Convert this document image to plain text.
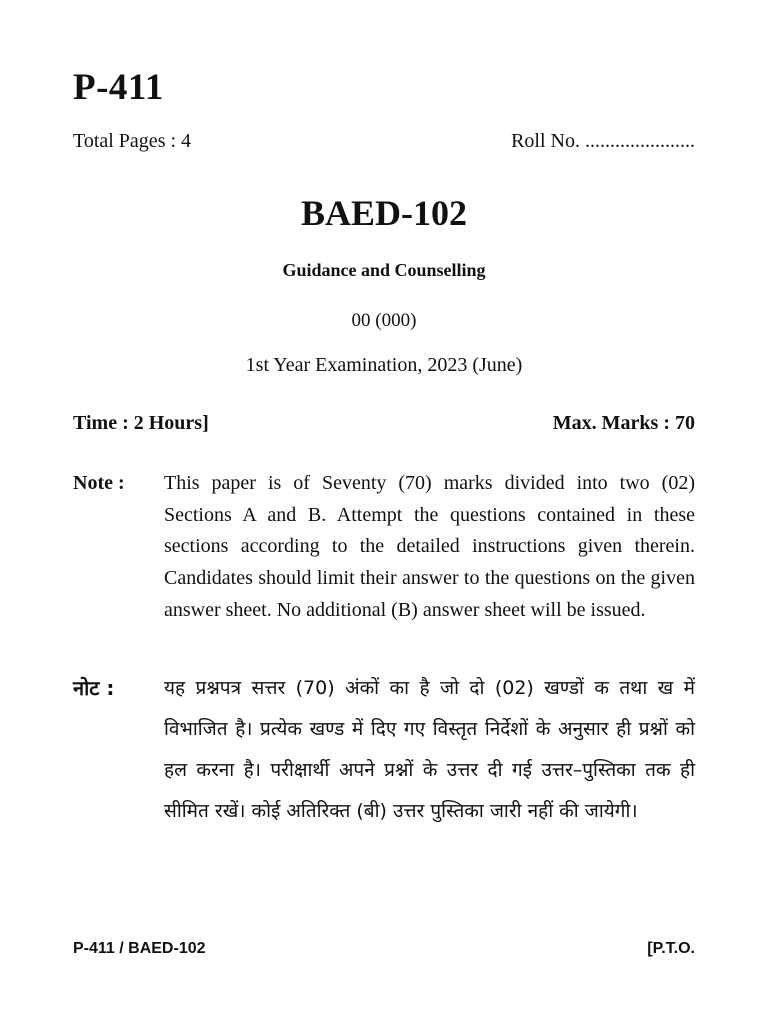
P-411
Total Pages : 4	Roll No. ......................
BAED-102
Guidance and Counselling
00 (000)
1st Year Examination, 2023 (June)
Time : 2 Hours]	Max. Marks : 70
Note : This paper is of Seventy (70) marks divided into two (02) Sections A and B. Attempt the questions contained in these sections according to the detailed instructions given therein. Candidates should limit their answer to the questions on the given answer sheet. No additional (B) answer sheet will be issued.
नोट :	यह प्रश्नपत्र सत्तर (70) अंकों का है जो दो (02) खण्डों क तथा ख में विभाजित है। प्रत्येक खण्ड में दिए गए विस्तृत निर्देशों के अनुसार ही प्रश्नों को हल करना है। परीक्षार्थी अपने प्रश्नों के उत्तर दी गई उत्तर–पुस्तिका तक ही सीमित रखें। कोई अतिरिक्त (बी) उत्तर पुस्तिका जारी नहीं की जायेगी।
P-411 / BAED-102	[P.T.O.
